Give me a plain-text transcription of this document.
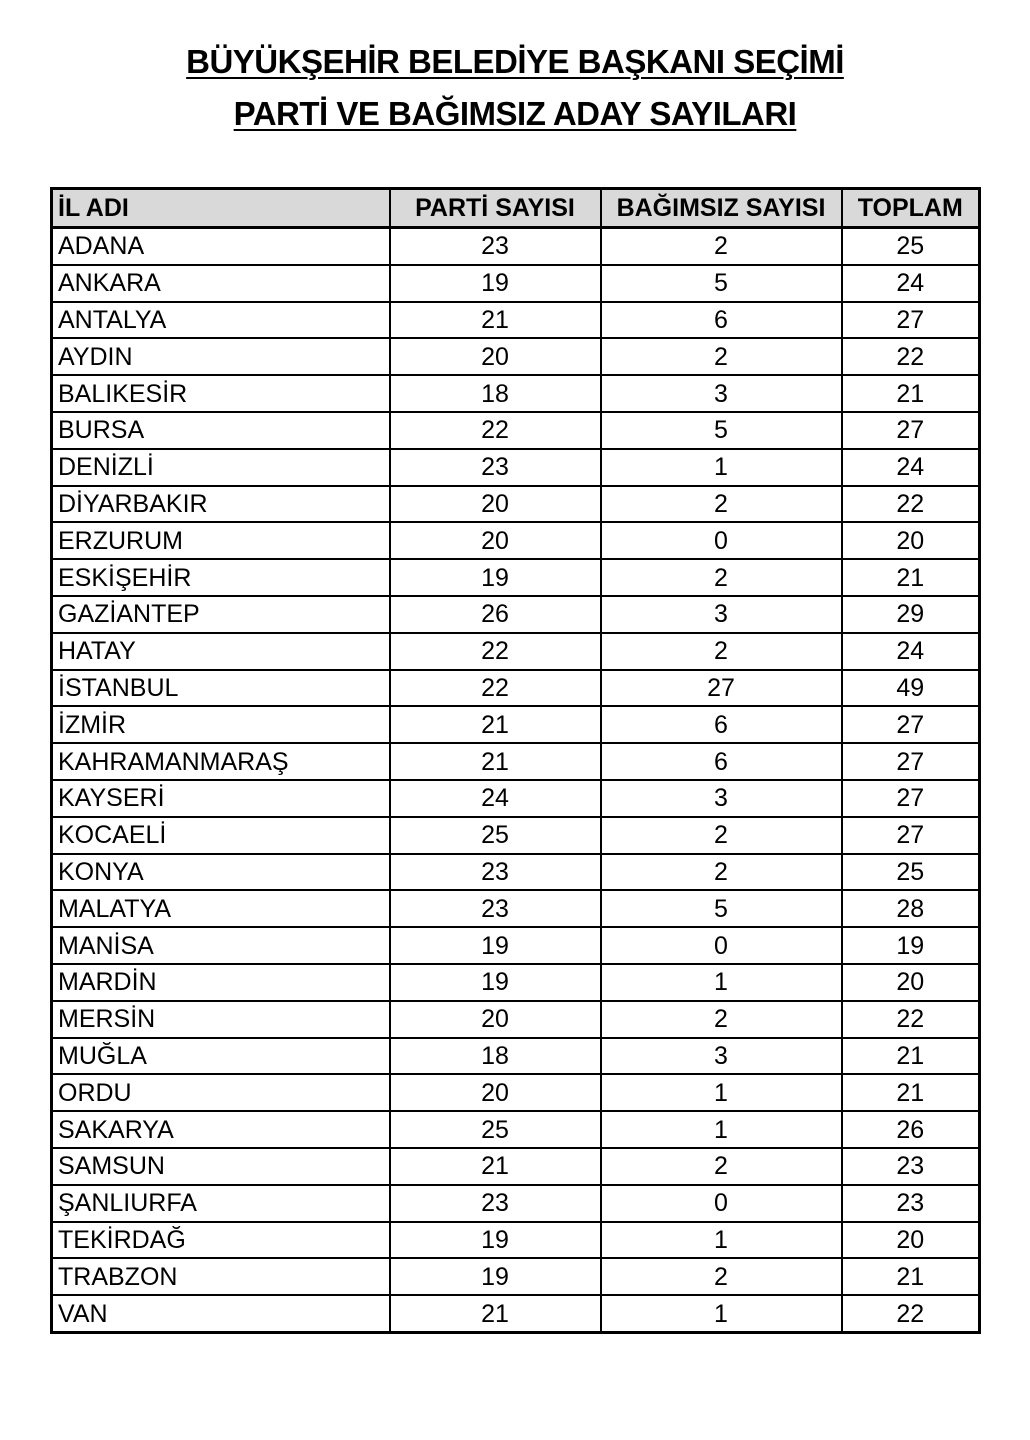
BÜYÜKŞEHİR BELEDİYE BAŞKANI SEÇİMİ
PARTİ VE BAĞIMSIZ ADAY SAYILARI
İL ADI	PARTİ SAYISI	BAĞIMSIZ SAYISI	TOPLAM
ADANA	23	2	25
ANKARA	19	5	24
ANTALYA	21	6	27
AYDIN	20	2	22
BALIKESİR	18	3	21
BURSA	22	5	27
DENİZLİ	23	1	24
DİYARBAKIR	20	2	22
ERZURUM	20	0	20
ESKİŞEHİR	19	2	21
GAZİANTEP	26	3	29
HATAY	22	2	24
İSTANBUL	22	27	49
İZMİR	21	6	27
KAHRAMANMARAŞ	21	6	27
KAYSERİ	24	3	27
KOCAELİ	25	2	27
KONYA	23	2	25
MALATYA	23	5	28
MANİSA	19	0	19
MARDİN	19	1	20
MERSİN	20	2	22
MUĞLA	18	3	21
ORDU	20	1	21
SAKARYA	25	1	26
SAMSUN	21	2	23
ŞANLIURFA	23	0	23
TEKİRDAĞ	19	1	20
TRABZON	19	2	21
VAN	21	1	22
